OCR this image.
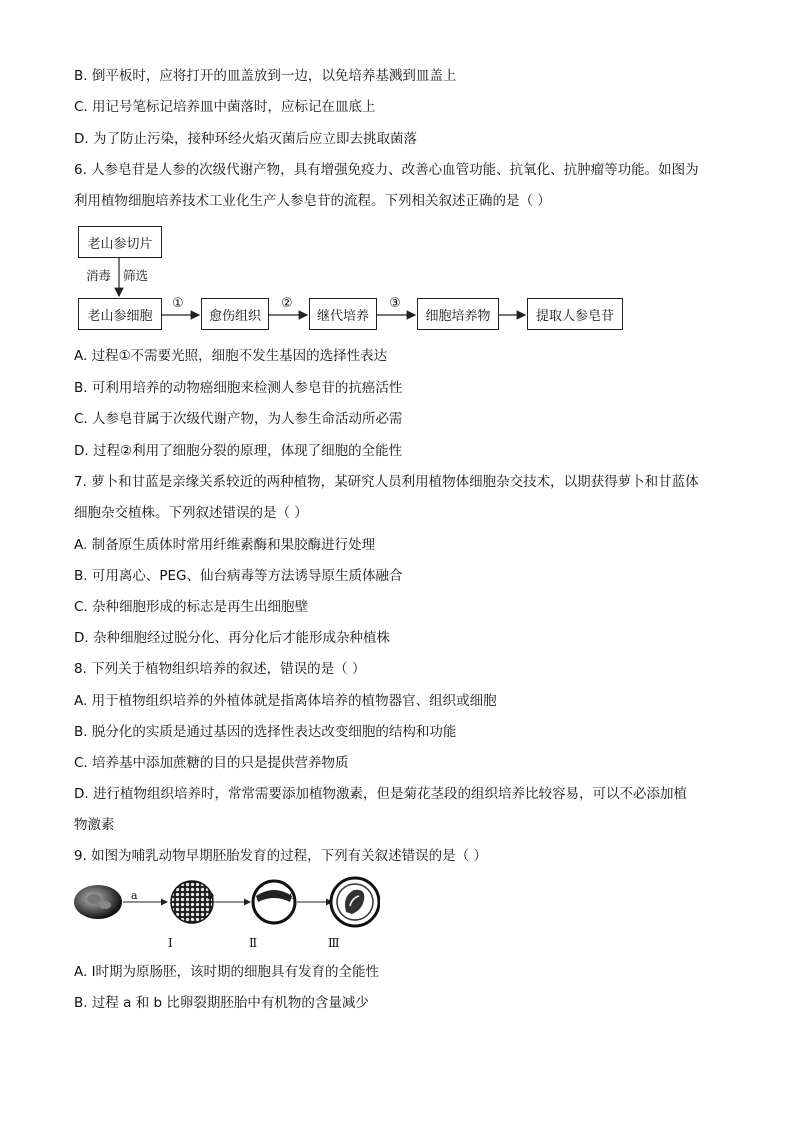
B. 倒平板时，应将打开的皿盖放到一边，以免培养基溅到皿盖上
C. 用记号笔标记培养皿中菌落时，应标记在皿底上
D. 为了防止污染，接种环经火焰灭菌后应立即去挑取菌落
6. 人参皂苷是人参的次级代谢产物，具有增强免疫力、改善心血管功能、抗氧化、抗肿瘤等功能。如图为
利用植物细胞培养技术工业化生产人参皂苷的流程。下列相关叙述正确的是（ ）
老山参切片
消毒 筛选
老山参细胞	愈伤组织	继代培养	细胞培养物	提取人参皂苷
①	②	③
A. 过程①不需要光照，细胞不发生基因的选择性表达
B. 可利用培养的动物癌细胞来检测人参皂苷的抗癌活性
C. 人参皂苷属于次级代谢产物，为人参生命活动所必需
D. 过程②利用了细胞分裂的原理，体现了细胞的全能性
7. 萝卜和甘蓝是亲缘关系较近的两种植物，某研究人员利用植物体细胞杂交技术，以期获得萝卜和甘蓝体
细胞杂交植株。下列叙述错误的是（ ）
A. 制备原生质体时常用纤维素酶和果胶酶进行处理
B. 可用离心、PEG、仙台病毒等方法诱导原生质体融合
C. 杂种细胞形成的标志是再生出细胞壁
D. 杂种细胞经过脱分化、再分化后才能形成杂种植株
8. 下列关于植物组织培养的叙述，错误的是（ ）
A. 用于植物组织培养的外植体就是指离体培养的植物器官、组织或细胞
B. 脱分化的实质是通过基因的选择性表达改变细胞的结构和功能
C. 培养基中添加蔗糖的目的只是提供营养物质
D. 进行植物组织培养时，常常需要添加植物激素，但是菊花茎段的组织培养比较容易，可以不必添加植
物激素
9. 如图为哺乳动物早期胚胎发育的过程，下列有关叙述错误的是（ ）
a	b	c
Ⅰ	Ⅱ	Ⅲ
A. Ⅰ时期为原肠胚，该时期的细胞具有发育的全能性
B. 过程 a 和 b 比卵裂期胚胎中有机物的含量减少
